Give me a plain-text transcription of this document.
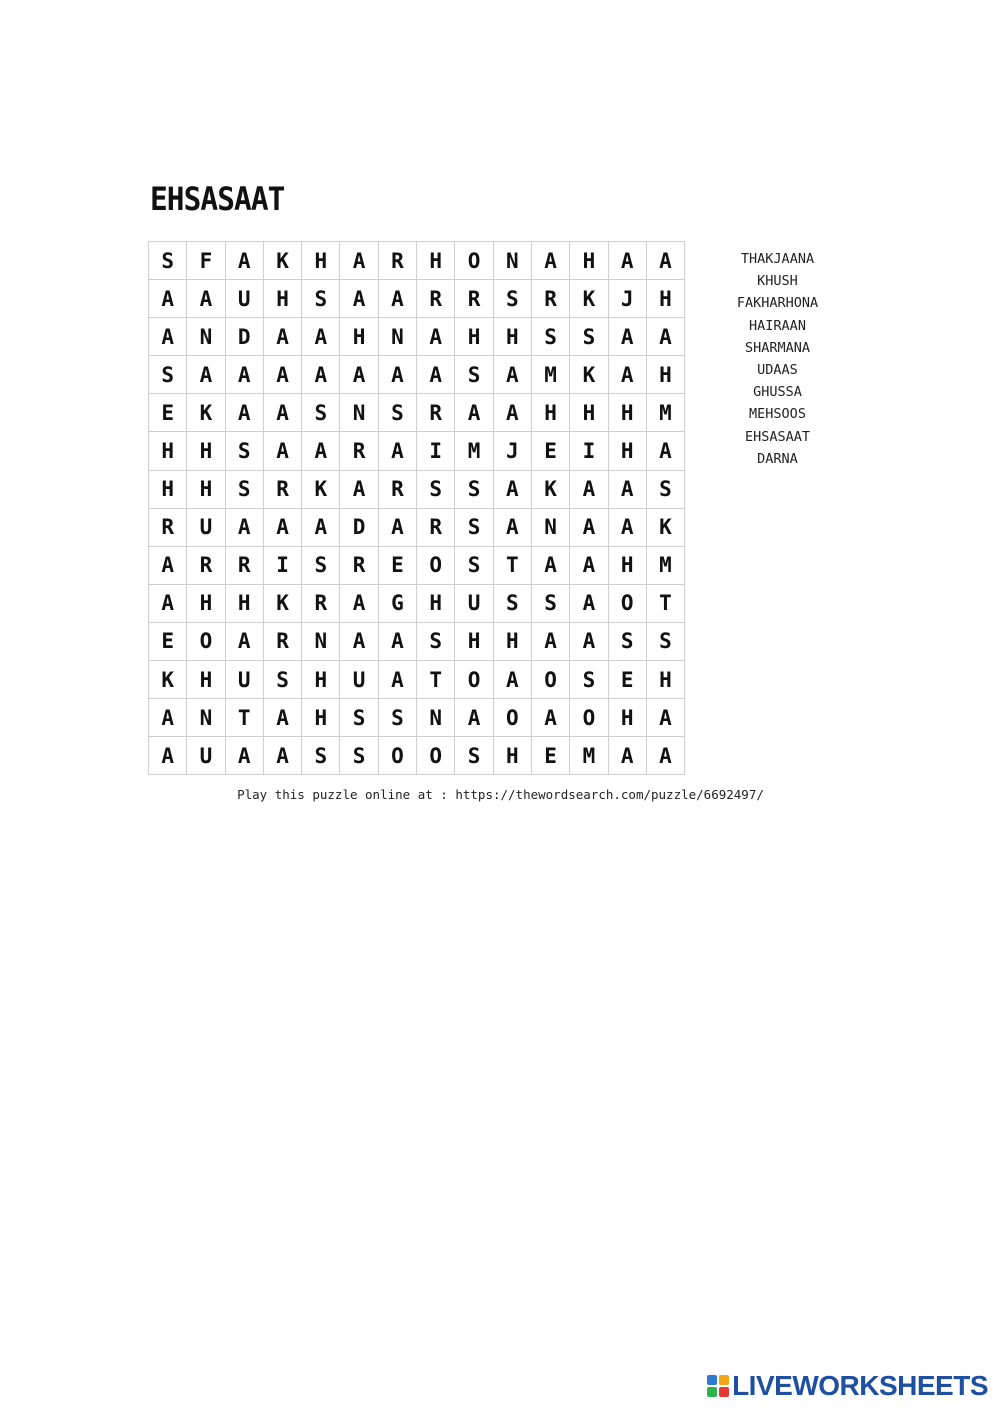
EHSASAAT
S	F	A	K	H	A	R	H	O	N	A	H	A	A
A	A	U	H	S	A	A	R	R	S	R	K	J	H
A	N	D	A	A	H	N	A	H	H	S	S	A	A
S	A	A	A	A	A	A	A	S	A	M	K	A	H
E	K	A	A	S	N	S	R	A	A	H	H	H	M
H	H	S	A	A	R	A	I	M	J	E	I	H	A
H	H	S	R	K	A	R	S	S	A	K	A	A	S
R	U	A	A	A	D	A	R	S	A	N	A	A	K
A	R	R	I	S	R	E	O	S	T	A	A	H	M
A	H	H	K	R	A	G	H	U	S	S	A	O	T
E	O	A	R	N	A	A	S	H	H	A	A	S	S
K	H	U	S	H	U	A	T	O	A	O	S	E	H
A	N	T	A	H	S	S	N	A	O	A	O	H	A
A	U	A	A	S	S	O	O	S	H	E	M	A	A
THAKJAANA
KHUSH
FAKHARHONA
HAIRAAN
SHARMANA
UDAAS
GHUSSA
MEHSOOS
EHSASAAT
DARNA
Play this puzzle online at : https://thewordsearch.com/puzzle/6692497/
LIVEWORKSHEETS
